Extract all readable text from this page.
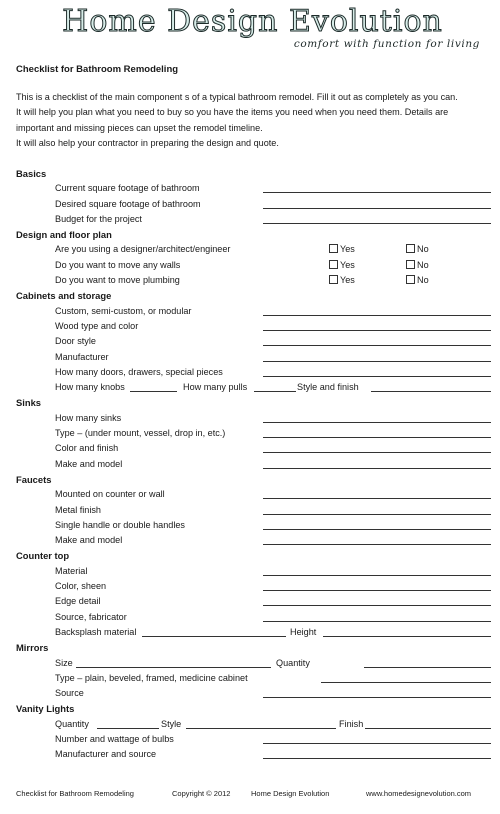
Home Design Evolution
comfort with function for living
Checklist for Bathroom Remodeling

This is a checklist of the main component s of a typical bathroom remodel. Fill it out as completely as you can.

It will help you plan what you need to buy so you have the items you need when you need them. Details are

important and missing pieces can upset the remodel timeline.

It will also help your contractor in preparing the design and quote.

Basics
Current square footage of bathroom
Desired square footage of bathroom
Budget for the project
Design and floor plan
Are you using a designer/architect/engineer	Yes	No
Do you want to move any walls	Yes	No
Do you want to move plumbing	Yes	No
Cabinets and storage
Custom, semi-custom, or modular
Wood type and color
Door style
Manufacturer
How many doors, drawers, special pieces
How many knobs	How many pulls	Style and finish
Sinks
How many sinks
Type – (under mount, vessel, drop in, etc.)
Color and finish
Make and model
Faucets
Mounted on counter or wall
Metal finish
Single handle or double handles
Make and model
Counter top
Material
Color, sheen
Edge detail
Source, fabricator
Backsplash material	Height
Mirrors
Size	Quantity
Type – plain, beveled, framed, medicine cabinet
Source
Vanity Lights
Quantity	Style	Finish
Number and wattage of bulbs
Manufacturer and source
Checklist for Bathroom Remodeling	Copyright © 2012	Home Design Evolution	www.homedesignevolution.com
